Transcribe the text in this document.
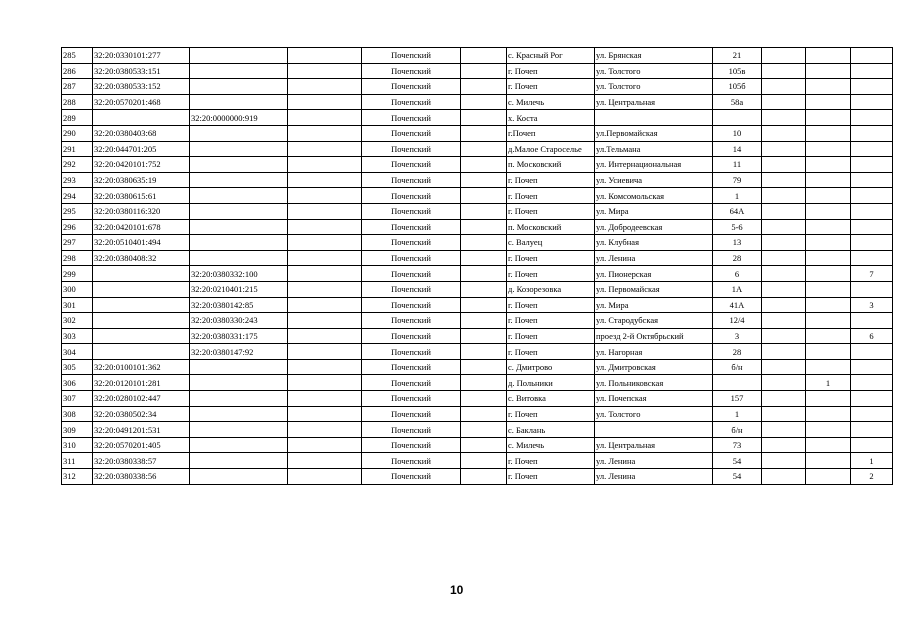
285	32:20:0330101:277			Почепский		с. Красный Рог	ул. Брянская	21			
286	32:20:0380533:151			Почепский		г. Почеп	ул. Толстого	105в			
287	32:20:0380533:152			Почепский		г. Почеп	ул. Толстого	105б			
288	32:20:0570201:468			Почепский		с. Милечь	ул. Центральная	58а			
289		32:20:0000000:919		Почепский		х. Коста					
290	32:20:0380403:68			Почепский		г.Почеп	ул.Первомайская	10			
291	32:20:044701:205			Почепский		д.Малое Староселье	ул.Тельмана	14			
292	32:20:0420101:752			Почепский		п. Московский	ул. Интернациональная	11			
293	32:20:0380635:19			Почепский		г. Почеп	ул. Усиевича	79			
294	32:20:0380615:61			Почепский		г. Почеп	ул. Комсомольская	1			
295	32:20:0380116:320			Почепский		г. Почеп	ул. Мира	64А			
296	32:20:0420101:678			Почепский		п. Московский	ул. Добродеевская	5-6			
297	32:20:0510401:494			Почепский		с. Валуец	ул. Клубная	13			
298	32:20:0380408:32			Почепский		г. Почеп	ул. Ленина	28			
299		32:20:0380332:100		Почепский		г. Почеп	ул. Пионерская	6			7
300		32:20:0210401:215		Почепский		д. Козорезовка	ул. Первомайская	1А			
301		32:20:0380142:85		Почепский		г. Почеп	ул. Мира	41А			3
302		32:20:0380330:243		Почепский		г. Почеп	ул. Стародубская	12/4			
303		32:20:0380331:175		Почепский		г. Почеп	проезд 2-й Октябрьский	3			6
304		32:20:0380147:92		Почепский		г. Почеп	ул. Нагорная	28			
305	32:20:0100101:362			Почепский		с. Дмитрово	ул. Дмитровская	б/н			
306	32:20:0120101:281			Почепский		д. Польники	ул. Польниковская			1	
307	32:20:0280102:447			Почепский		с. Витовка	ул. Почепская	157			
308	32:20:0380502:34			Почепский		г. Почеп	ул. Толстого	1			
309	32:20:0491201:531			Почепский		с. Баклань		б/н			
310	32:20:0570201:405			Почепский		с. Милечь	ул. Центральная	73			
311	32:20:0380338:57			Почепский		г. Почеп	ул. Ленина	54			1
312	32:20:0380338:56			Почепский		г. Почеп	ул. Ленина	54			2
10
